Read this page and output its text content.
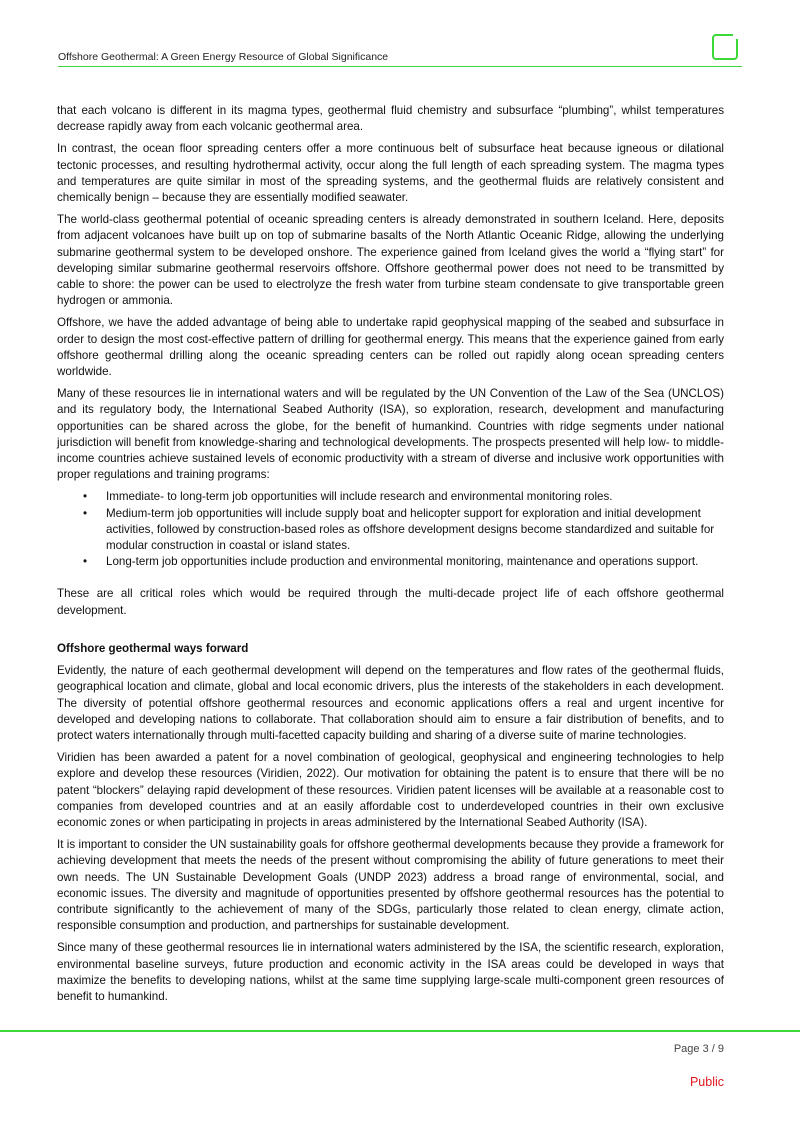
Offshore Geothermal: A Green Energy Resource of Global Significance

that each volcano is different in its magma types, geothermal fluid chemistry and subsurface “plumbing”, whilst temperatures decrease rapidly away from each volcanic geothermal area.

In contrast, the ocean floor spreading centers offer a more continuous belt of subsurface heat because igneous or dilational tectonic processes, and resulting hydrothermal activity, occur along the full length of each spreading system. The magma types and temperatures are quite similar in most of the spreading systems, and the geothermal fluids are relatively consistent and chemically benign – because they are essentially modified seawater.

The world-class geothermal potential of oceanic spreading centers is already demonstrated in southern Iceland. Here, deposits from adjacent volcanoes have built up on top of submarine basalts of the North Atlantic Oceanic Ridge, allowing the underlying submarine geothermal system to be developed onshore. The experience gained from Iceland gives the world a “flying start” for developing similar submarine geothermal reservoirs offshore. Offshore geothermal power does not need to be transmitted by cable to shore: the power can be used to electrolyze the fresh water from turbine steam condensate to give transportable green hydrogen or ammonia.

Offshore, we have the added advantage of being able to undertake rapid geophysical mapping of the seabed and subsurface in order to design the most cost-effective pattern of drilling for geothermal energy. This means that the experience gained from early offshore geothermal drilling along the oceanic spreading centers can be rolled out rapidly along ocean spreading centers worldwide.

Many of these resources lie in international waters and will be regulated by the UN Convention of the Law of the Sea (UNCLOS) and its regulatory body, the International Seabed Authority (ISA), so exploration, research, development and manufacturing opportunities can be shared across the globe, for the benefit of humankind. Countries with ridge segments under national jurisdiction will benefit from knowledge-sharing and technological developments. The prospects presented will help low- to middle-income countries achieve sustained levels of economic productivity with a stream of diverse and inclusive work opportunities with proper regulations and training programs:

• Immediate- to long-term job opportunities will include research and environmental monitoring roles.
• Medium-term job opportunities will include supply boat and helicopter support for exploration and initial development activities, followed by construction-based roles as offshore development designs become standardized and suitable for modular construction in coastal or island states.
• Long-term job opportunities include production and environmental monitoring, maintenance and operations support.

These are all critical roles which would be required through the multi-decade project life of each offshore geothermal development.

Offshore geothermal ways forward

Evidently, the nature of each geothermal development will depend on the temperatures and flow rates of the geothermal fluids, geographical location and climate, global and local economic drivers, plus the interests of the stakeholders in each development. The diversity of potential offshore geothermal resources and economic applications offers a real and urgent incentive for developed and developing nations to collaborate. That collaboration should aim to ensure a fair distribution of benefits, and to protect waters internationally through multi-facetted capacity building and sharing of a diverse suite of marine technologies.

Viridien has been awarded a patent for a novel combination of geological, geophysical and engineering technologies to help explore and develop these resources (Viridien, 2022). Our motivation for obtaining the patent is to ensure that there will be no patent “blockers” delaying rapid development of these resources. Viridien patent licenses will be available at a reasonable cost to companies from developed countries and at an easily affordable cost to underdeveloped countries in their own exclusive economic zones or when participating in projects in areas administered by the International Seabed Authority (ISA).

It is important to consider the UN sustainability goals for offshore geothermal developments because they provide a framework for achieving development that meets the needs of the present without compromising the ability of future generations to meet their own needs. The UN Sustainable Development Goals (UNDP 2023) address a broad range of environmental, social, and economic issues. The diversity and magnitude of opportunities presented by offshore geothermal resources has the potential to contribute significantly to the achievement of many of the SDGs, particularly those related to clean energy, climate action, responsible consumption and production, and partnerships for sustainable development.

Since many of these geothermal resources lie in international waters administered by the ISA, the scientific research, exploration, environmental baseline surveys, future production and economic activity in the ISA areas could be developed in ways that maximize the benefits to developing nations, whilst at the same time supplying large-scale multi-component green resources of benefit to humankind.

Page 3 / 9
Public
